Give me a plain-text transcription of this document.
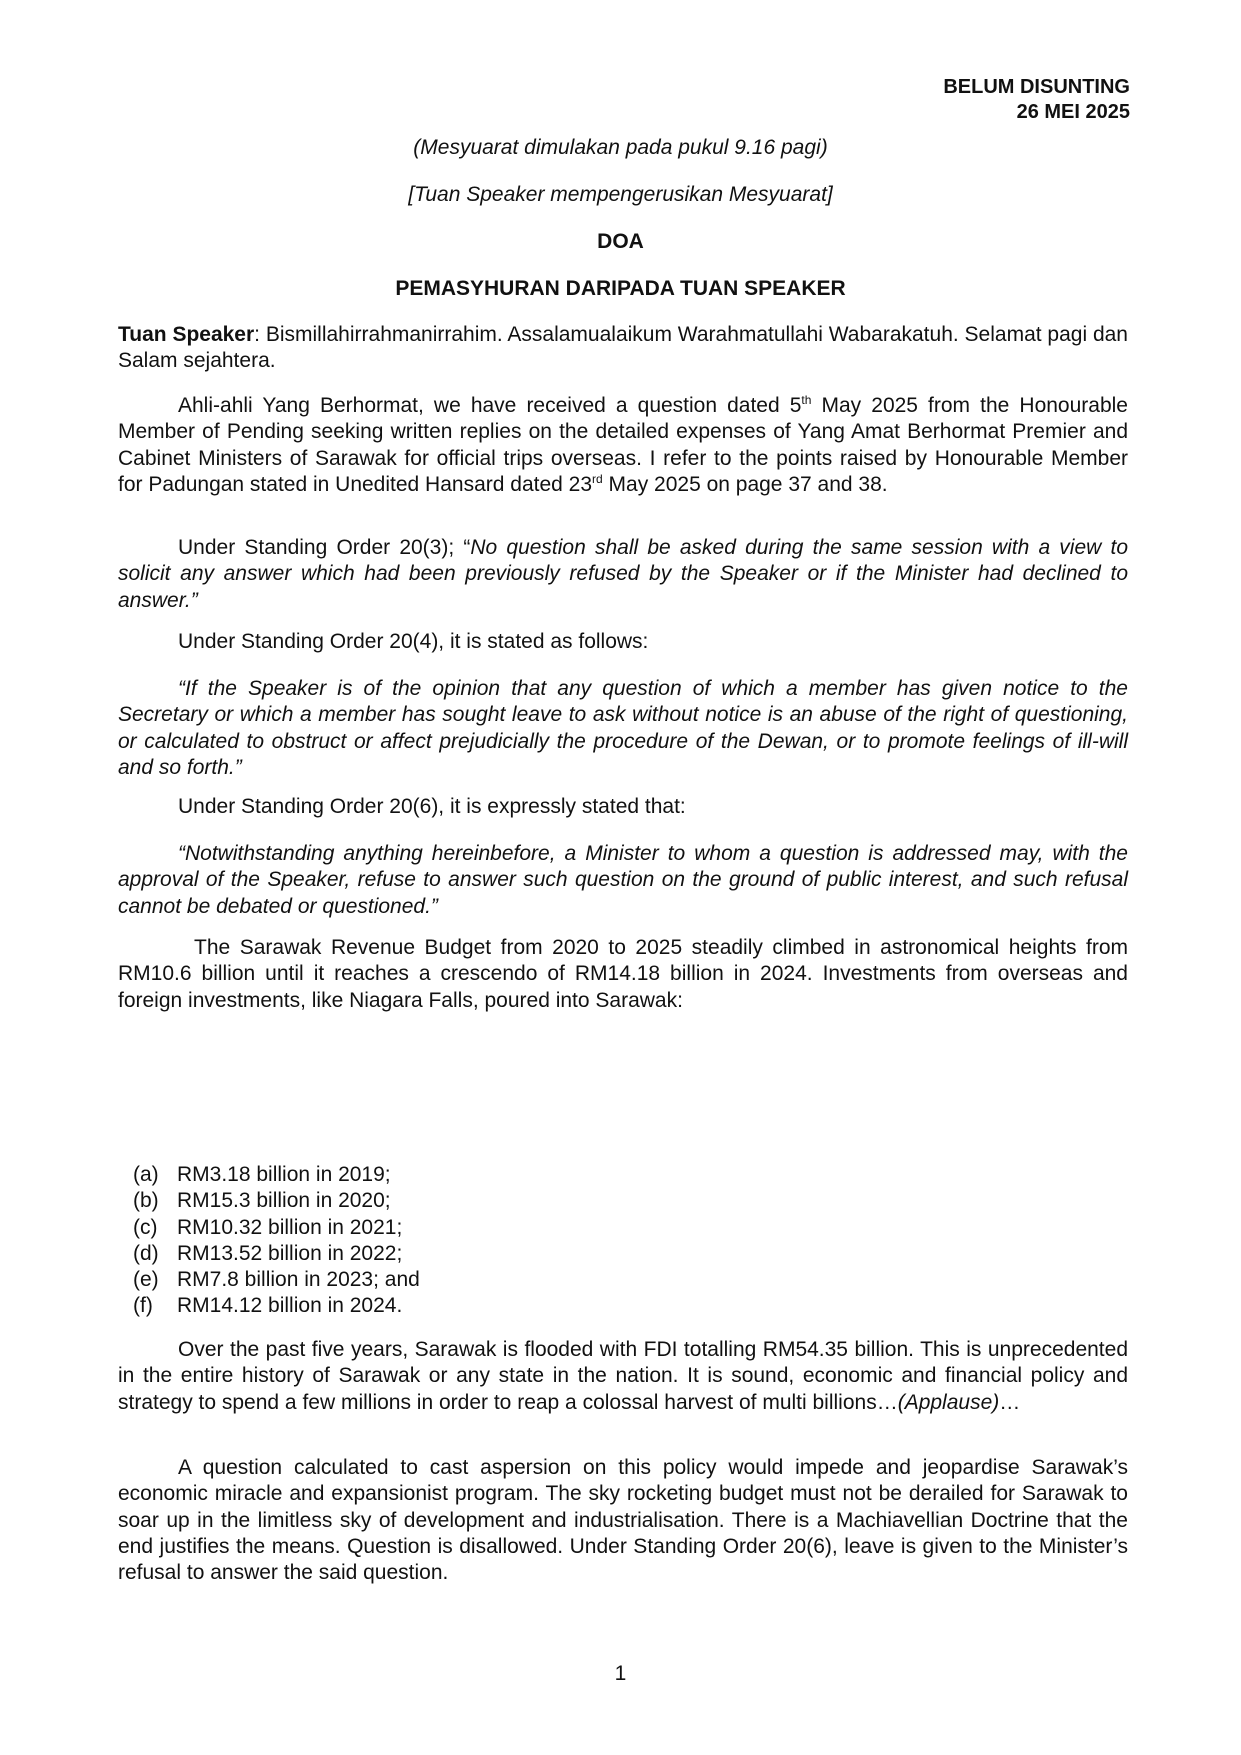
BELUM DISUNTING
26 MEI 2025
(Mesyuarat dimulakan pada pukul 9.16 pagi)
[Tuan Speaker mempengerusikan Mesyuarat]
DOA
PEMASYHURAN DARIPADA TUAN SPEAKER

Tuan Speaker: Bismillahirrahmanirrahim. Assalamualaikum Warahmatullahi Wabarakatuh. Selamat pagi dan Salam sejahtera.

Ahli-ahli Yang Berhormat, we have received a question dated 5th May 2025 from the Honourable Member of Pending seeking written replies on the detailed expenses of Yang Amat Berhormat Premier and Cabinet Ministers of Sarawak for official trips overseas. I refer to the points raised by Honourable Member for Padungan stated in Unedited Hansard dated 23rd May 2025 on page 37 and 38.

Under Standing Order 20(3); “No question shall be asked during the same session with a view to solicit any answer which had been previously refused by the Speaker or if the Minister had declined to answer.”

Under Standing Order 20(4), it is stated as follows:

“If the Speaker is of the opinion that any question of which a member has given notice to the Secretary or which a member has sought leave to ask without notice is an abuse of the right of questioning, or calculated to obstruct or affect prejudicially the procedure of the Dewan, or to promote feelings of ill-will and so forth.”

Under Standing Order 20(6), it is expressly stated that:

“Notwithstanding anything hereinbefore, a Minister to whom a question is addressed may, with the approval of the Speaker, refuse to answer such question on the ground of public interest, and such refusal cannot be debated or questioned.”

The Sarawak Revenue Budget from 2020 to 2025 steadily climbed in astronomical heights from RM10.6 billion until it reaches a crescendo of RM14.18 billion in 2024. Investments from overseas and foreign investments, like Niagara Falls, poured into Sarawak:

(a) RM3.18 billion in 2019;
(b) RM15.3 billion in 2020;
(c) RM10.32 billion in 2021;
(d) RM13.52 billion in 2022;
(e) RM7.8 billion in 2023; and
(f) RM14.12 billion in 2024.

Over the past five years, Sarawak is flooded with FDI totalling RM54.35 billion. This is unprecedented in the entire history of Sarawak or any state in the nation. It is sound, economic and financial policy and strategy to spend a few millions in order to reap a colossal harvest of multi billions…(Applause)…

A question calculated to cast aspersion on this policy would impede and jeopardise Sarawak’s economic miracle and expansionist program. The sky rocketing budget must not be derailed for Sarawak to soar up in the limitless sky of development and industrialisation. There is a Machiavellian Doctrine that the end justifies the means. Question is disallowed. Under Standing Order 20(6), leave is given to the Minister’s refusal to answer the said question.

1
